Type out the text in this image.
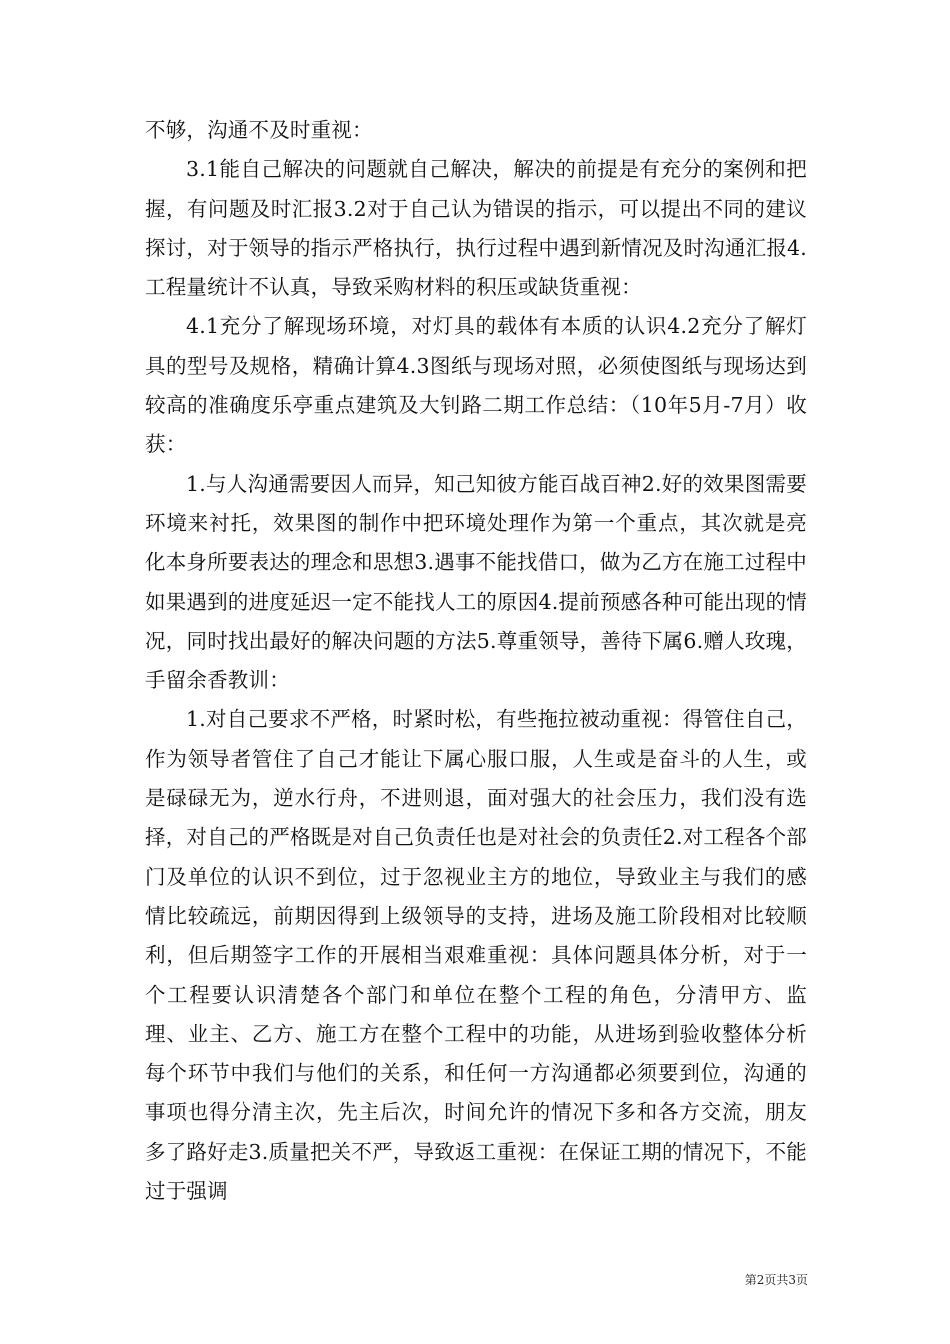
不够，沟通不及时重视：

3.1能自己解决的问题就自己解决，解决的前提是有充分的案例和把握，有问题及时汇报3.2对于自己认为错误的指示，可以提出不同的建议探讨，对于领导的指示严格执行，执行过程中遇到新情况及时沟通汇报4.工程量统计不认真，导致采购材料的积压或缺货重视：

4.1充分了解现场环境，对灯具的载体有本质的认识4.2充分了解灯具的型号及规格，精确计算4.3图纸与现场对照，必须使图纸与现场达到较高的准确度乐亭重点建筑及大钊路二期工作总结：（10年5月-7月）收获：

1.与人沟通需要因人而异，知己知彼方能百战百神2.好的效果图需要环境来衬托，效果图的制作中把环境处理作为第一个重点，其次就是亮化本身所要表达的理念和思想3.遇事不能找借口，做为乙方在施工过程中如果遇到的进度延迟一定不能找人工的原因4.提前预感各种可能出现的情况，同时找出最好的解决问题的方法5.尊重领导，善待下属6.赠人玫瑰，手留余香教训：

1.对自己要求不严格，时紧时松，有些拖拉被动重视：得管住自己，作为领导者管住了自己才能让下属心服口服，人生或是奋斗的人生，或是碌碌无为，逆水行舟，不进则退，面对强大的社会压力，我们没有选择，对自己的严格既是对自己负责任也是对社会的负责任2.对工程各个部门及单位的认识不到位，过于忽视业主方的地位，导致业主与我们的感情比较疏远，前期因得到上级领导的支持，进场及施工阶段相对比较顺利，但后期签字工作的开展相当艰难重视：具体问题具体分析，对于一个工程要认识清楚各个部门和单位在整个工程的角色，分清甲方、监理、业主、乙方、施工方在整个工程中的功能，从进场到验收整体分析每个环节中我们与他们的关系，和任何一方沟通都必须要到位，沟通的事项也得分清主次，先主后次，时间允许的情况下多和各方交流，朋友多了路好走3.质量把关不严，导致返工重视：在保证工期的情况下，不能过于强调

第2页共3页
